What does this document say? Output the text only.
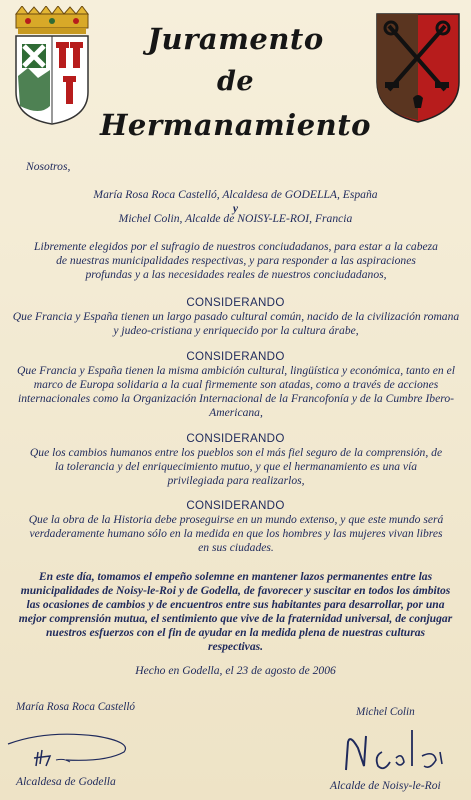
Juramento
de
Hermanamiento
Nosotros,
María Rosa Roca Castelló, Alcaldesa de GODELLA, España
y
Michel Colin, Alcalde de NOISY-LE-ROI, Francia
Libremente elegidos por el sufragio de nuestros conciudadanos, para estar a la cabeza de nuestras municipalidades respectivas, y para responder a las aspiraciones profundas y a las necesidades reales de nuestros conciudadanos,
CONSIDERANDO
Que Francia y España tienen un largo pasado cultural común, nacido de la civilización romana y judeo-cristiana y enriquecido por la cultura árabe,
CONSIDERANDO
Que Francia y España tienen la misma ambición cultural, lingüística y económica, tanto en el marco de Europa solidaria a la cual firmemente son atadas, como a través de acciones internacionales como la Organización Internacional de la Francofonía y de la Cumbre Ibero-Americana,
CONSIDERANDO
Que los cambios humanos entre los pueblos son el más fiel seguro de la comprensión, de la tolerancia y del enriquecimiento mutuo, y que el hermanamiento es una vía privilegiada para realizarlos,
CONSIDERANDO
Que la obra de la Historia debe proseguirse en un mundo extenso, y que este mundo será verdaderamente humano sólo en la medida en que los hombres y las mujeres vivan libres en sus ciudades.
En este día, tomamos el empeño solemne en mantener lazos permanentes entre las municipalidades de Noisy-le-Roi y de Godella, de favorecer y suscitar en todos los ámbitos las ocasiones de cambios y de encuentros entre sus habitantes para desarrollar, por una mejor comprensión mutua, el sentimiento que vive de la fraternidad universal, de conjugar nuestros esfuerzos con el fin de ayudar en la medida plena de nuestras culturas respectivas.
Hecho en Godella, el 23 de agosto de 2006
María Rosa Roca Castelló	Michel Colin
Alcaldesa de Godella	Alcalde de Noisy-le-Roi
